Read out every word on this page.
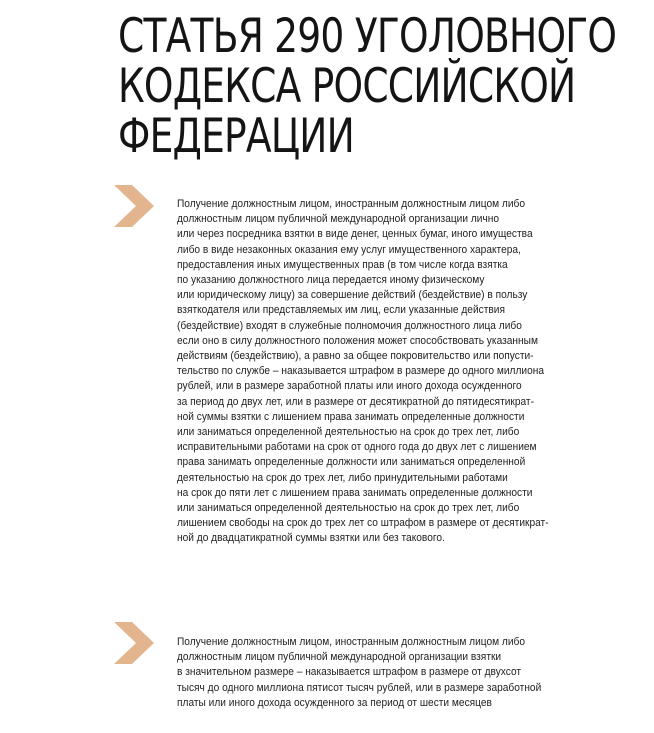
СТАТЬЯ 290 УГОЛОВНОГО
КОДЕКСА РОССИЙСКОЙ
ФЕДЕРАЦИИ

Получение должностным лицом, иностранным должностным лицом либо
должностным лицом публичной международной организации лично
или через посредника взятки в виде денег, ценных бумаг, иного имущества
либо в виде незаконных оказания ему услуг имущественного характера,
предоставления иных имущественных прав (в том числе когда взятка
по указанию должностного лица передается иному физическому
или юридическому лицу) за совершение действий (бездействие) в пользу
взяткодателя или представляемых им лиц, если указанные действия
(бездействие) входят в служебные полномочия должностного лица либо
если оно в силу должностного положения может способствовать указанным
действиям (бездействию), а равно за общее покровительство или попусти-
тельство по службе – наказывается штрафом в размере до одного миллиона
рублей, или в размере заработной платы или иного дохода осужденного
за период до двух лет, или в размере от десятикратной до пятидесятикрат-
ной суммы взятки с лишением права занимать определенные должности
или заниматься определенной деятельностью на срок до трех лет, либо
исправительными работами на срок от одного года до двух лет с лишением
права занимать определенные должности или заниматься определенной
деятельностью на срок до трех лет, либо принудительными работами
на срок до пяти лет с лишением права занимать определенные должности
или заниматься определенной деятельностью на срок до трех лет, либо
лишением свободы на срок до трех лет со штрафом в размере от десятикрат-
ной до двадцатикратной суммы взятки или без такового.

Получение должностным лицом, иностранным должностным лицом либо
должностным лицом публичной международной организации взятки
в значительном размере – наказывается штрафом в размере от двухсот
тысяч до одного миллиона пятисот тысяч рублей, или в размере заработной
платы или иного дохода осужденного за период от шести месяцев
